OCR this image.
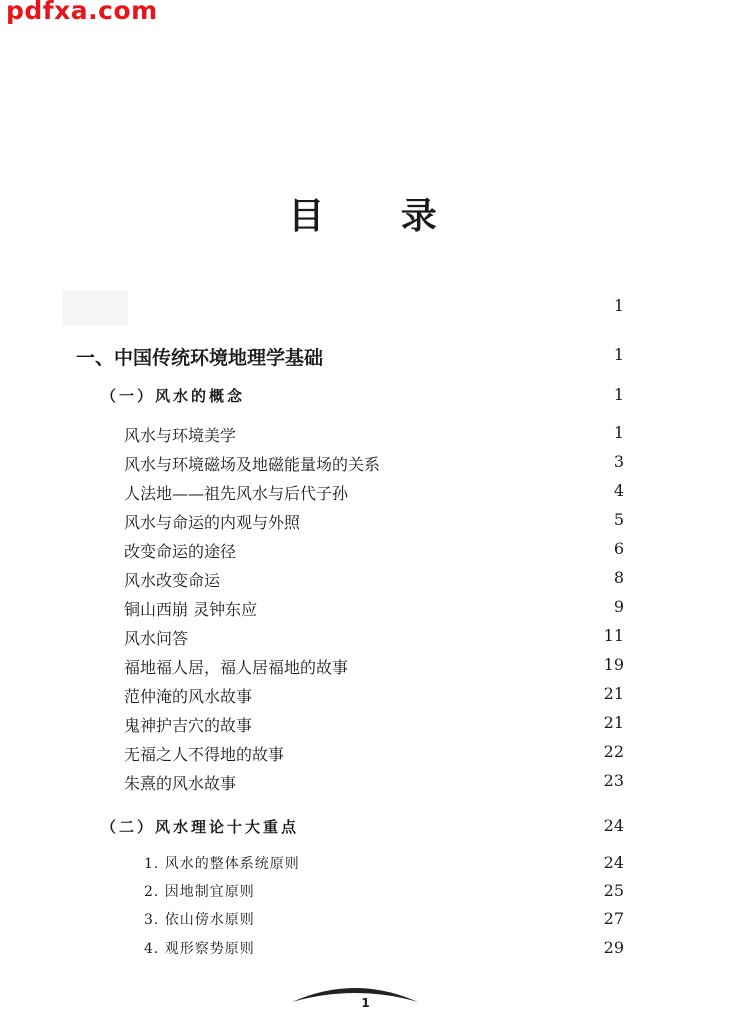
pdfxa.com
目 录
1
一、中国传统环境地理学基础	1
（一）风水的概念	1
风水与环境美学	1
风水与环境磁场及地磁能量场的关系	3
人法地——祖先风水与后代子孙	4
风水与命运的内观与外照	5
改变命运的途径	6
风水改变命运	8
铜山西崩 灵钟东应	9
风水问答	11
福地福人居，福人居福地的故事	19
范仲淹的风水故事	21
鬼神护吉穴的故事	21
无福之人不得地的故事	22
朱熹的风水故事	23
（二）风水理论十大重点	24
1. 风水的整体系统原则	24
2. 因地制宜原则	25
3. 依山傍水原则	27
4. 观形察势原则	29
1
